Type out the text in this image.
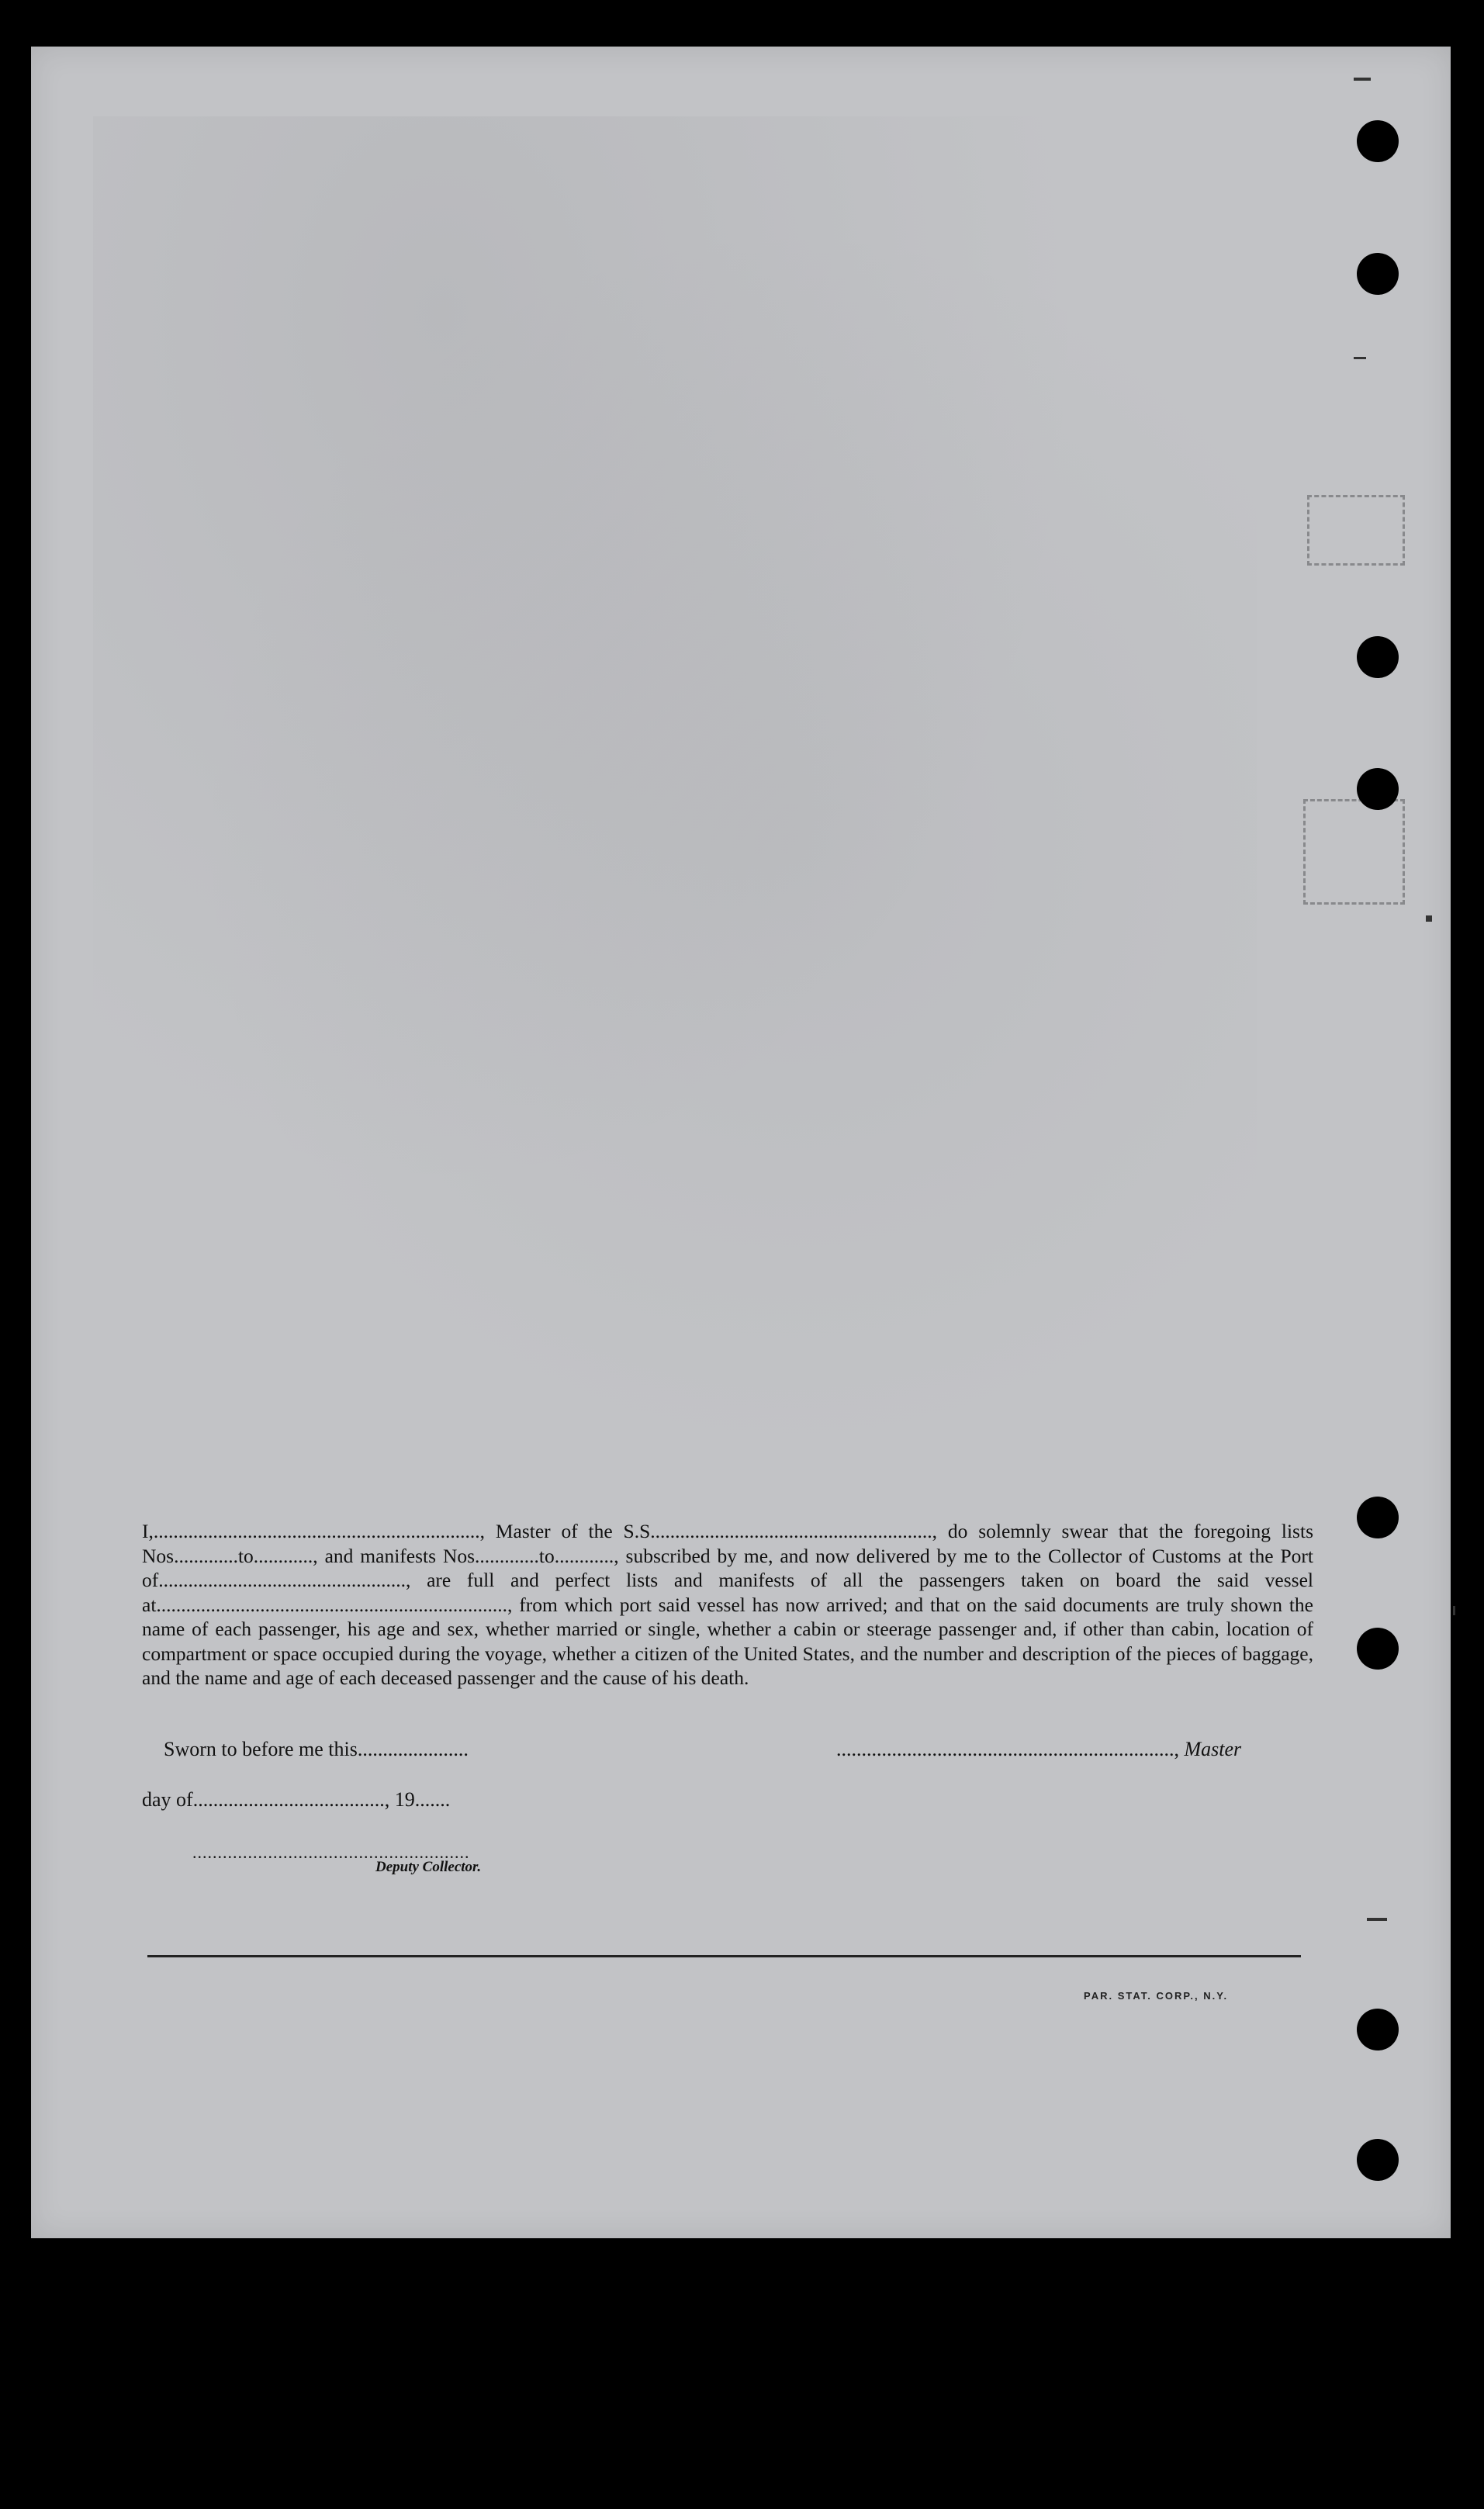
I,.................................................................., Master of the S.S........................................................., do solemnly swear that the foregoing lists Nos.............to............, and manifests Nos.............to............, subscribed by me, and now delivered by me to the Collector of Customs at the Port of.................................................., are full and perfect lists and manifests of all the passengers taken on board the said vessel at......................................................................., from which port said vessel has now arrived; and that on the said documents are truly shown the name of each passenger, his age and sex, whether married or single, whether a cabin or steerage passenger and, if other than cabin, location of compartment or space occupied during the voyage, whether a citizen of the United States, and the number and description of the pieces of baggage, and the name and age of each deceased passenger and the cause of his death.

Sworn to before me this......................	..................................................................., Master
day of......................................, 19.......
.......................................................
Deputy Collector.
PAR. STAT. CORP., N.Y.
